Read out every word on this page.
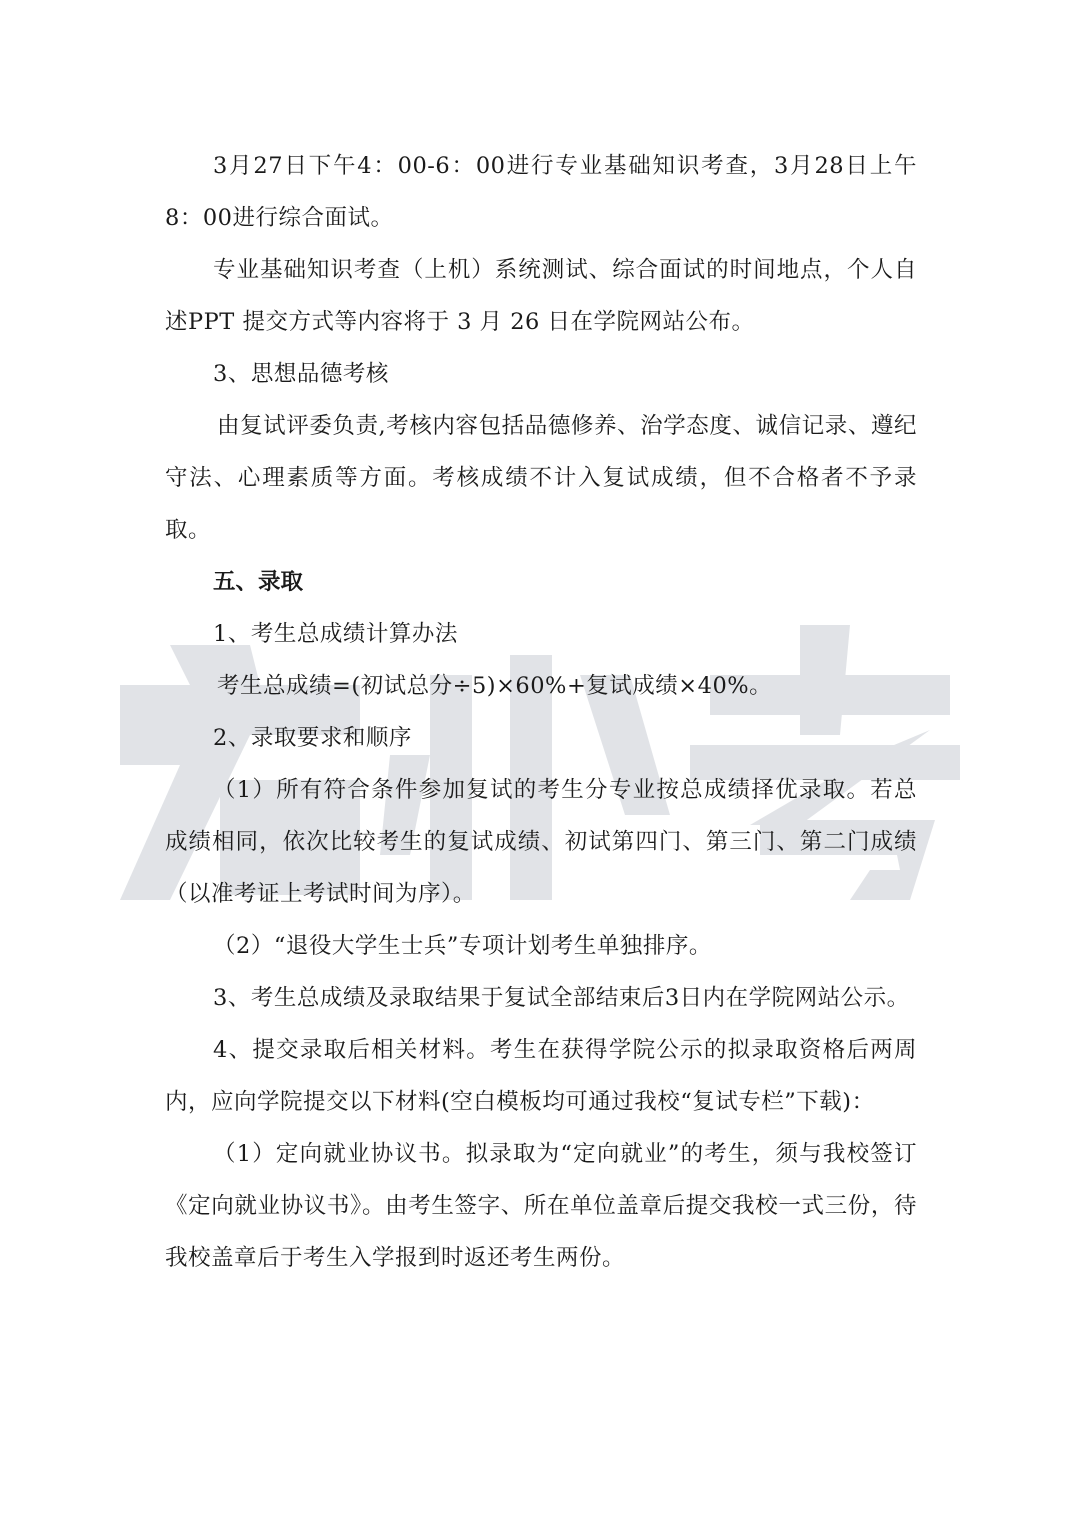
3月27日下午4：00-6：00进行专业基础知识考查，3月28日上午8：00进行综合面试。

专业基础知识考查（上机）系统测试、综合面试的时间地点，个人自述PPT 提交方式等内容将于 3 月 26 日在学院网站公布。

3、思想品德考核

由复试评委负责,考核内容包括品德修养、治学态度、诚信记录、遵纪守法、心理素质等方面。考核成绩不计入复试成绩，但不合格者不予录取。

五、录取

1、考生总成绩计算办法

考生总成绩=(初试总分÷5)×60%+复试成绩×40%。

2、录取要求和顺序

（1）所有符合条件参加复试的考生分专业按总成绩择优录取。若总成绩相同，依次比较考生的复试成绩、初试第四门、第三门、第二门成绩（以准考证上考试时间为序）。

（2）“退役大学生士兵”专项计划考生单独排序。

3、考生总成绩及录取结果于复试全部结束后3日内在学院网站公示。

4、提交录取后相关材料。考生在获得学院公示的拟录取资格后两周内，应向学院提交以下材料(空白模板均可通过我校“复试专栏”下载)：

（1）定向就业协议书。拟录取为“定向就业”的考生，须与我校签订《定向就业协议书》。由考生签字、所在单位盖章后提交我校一式三份，待我校盖章后于考生入学报到时返还考生两份。
